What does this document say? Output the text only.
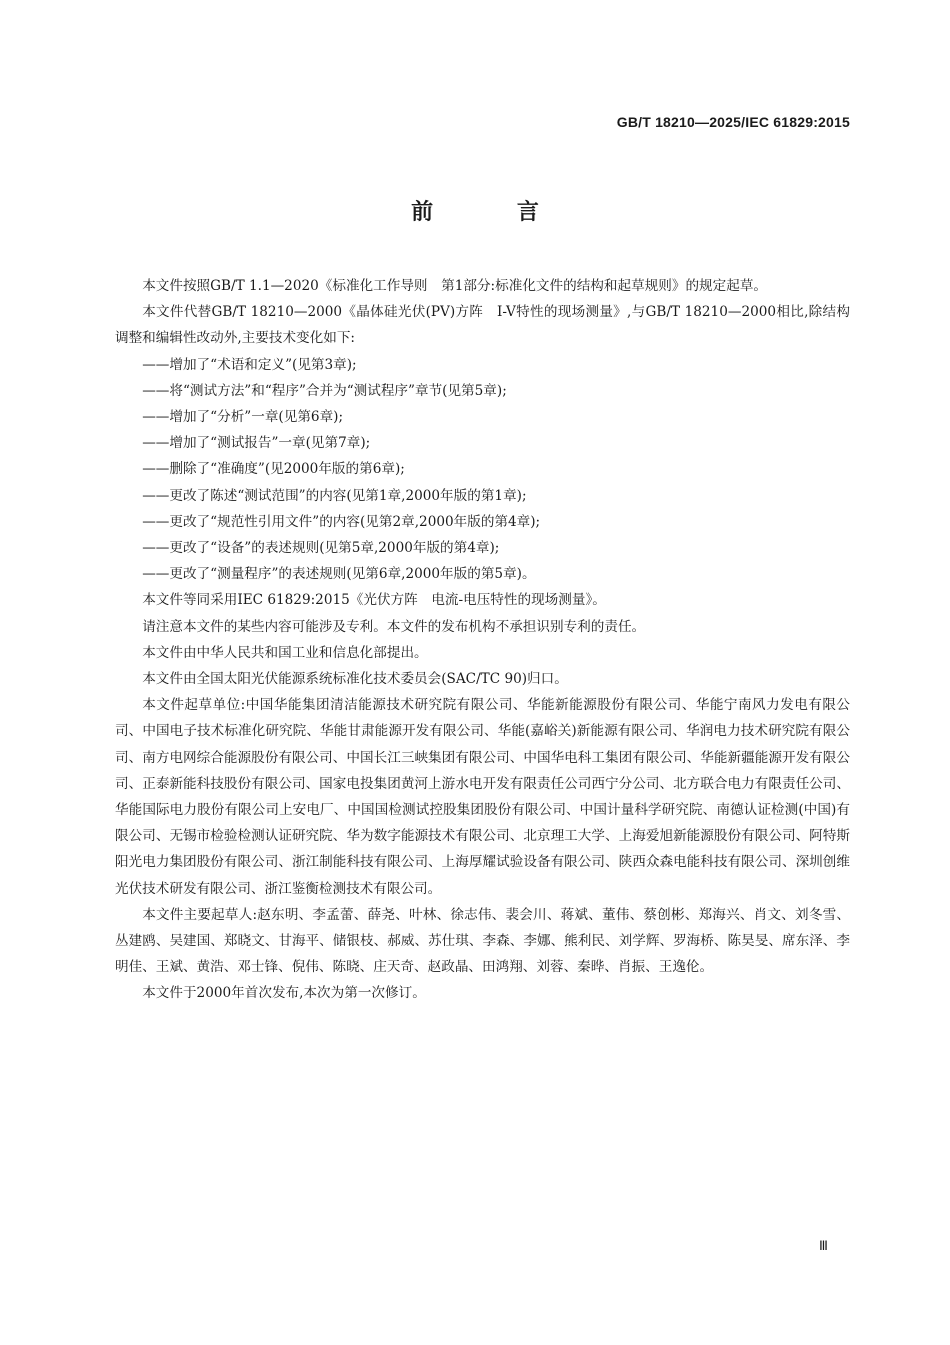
GB/T 18210—2025/IEC 61829:2015
前 言

本文件按照GB/T 1.1—2020《标准化工作导则　第1部分:标准化文件的结构和起草规则》的规定起草。

本文件代替GB/T 18210—2000《晶体硅光伏(PV)方阵　I-V特性的现场测量》,与GB/T 18210—2000相比,除结构调整和编辑性改动外,主要技术变化如下:

——增加了“术语和定义”(见第3章);

——将“测试方法”和“程序”合并为“测试程序”章节(见第5章);

——增加了“分析”一章(见第6章);

——增加了“测试报告”一章(见第7章);

——删除了“准确度”(见2000年版的第6章);

——更改了陈述“测试范围”的内容(见第1章,2000年版的第1章);

——更改了“规范性引用文件”的内容(见第2章,2000年版的第4章);

——更改了“设备”的表述规则(见第5章,2000年版的第4章);

——更改了“测量程序”的表述规则(见第6章,2000年版的第5章)。

本文件等同采用IEC 61829:2015《光伏方阵　电流-电压特性的现场测量》。

请注意本文件的某些内容可能涉及专利。本文件的发布机构不承担识别专利的责任。

本文件由中华人民共和国工业和信息化部提出。

本文件由全国太阳光伏能源系统标准化技术委员会(SAC/TC 90)归口。

本文件起草单位:中国华能集团清洁能源技术研究院有限公司、华能新能源股份有限公司、华能宁南风力发电有限公司、中国电子技术标准化研究院、华能甘肃能源开发有限公司、华能(嘉峪关)新能源有限公司、华润电力技术研究院有限公司、南方电网综合能源股份有限公司、中国长江三峡集团有限公司、中国华电科工集团有限公司、华能新疆能源开发有限公司、正泰新能科技股份有限公司、国家电投集团黄河上游水电开发有限责任公司西宁分公司、北方联合电力有限责任公司、华能国际电力股份有限公司上安电厂、中国国检测试控股集团股份有限公司、中国计量科学研究院、南德认证检测(中国)有限公司、无锡市检验检测认证研究院、华为数字能源技术有限公司、北京理工大学、上海爱旭新能源股份有限公司、阿特斯阳光电力集团股份有限公司、浙江制能科技有限公司、上海厚耀试验设备有限公司、陕西众森电能科技有限公司、深圳创维光伏技术研发有限公司、浙江鉴衡检测技术有限公司。

本文件主要起草人:赵东明、李孟蕾、薛尧、叶林、徐志伟、裴会川、蒋斌、董伟、蔡创彬、郑海兴、肖文、刘冬雪、丛建鸥、吴建国、郑晓文、甘海平、储银枝、郝威、苏仕琪、李森、李娜、熊利民、刘学辉、罗海桥、陈昊旻、席东泽、李明佳、王斌、黄浩、邓士锋、倪伟、陈晓、庄天奇、赵政晶、田鸿翔、刘蓉、秦晔、肖振、王逸伦。

本文件于2000年首次发布,本次为第一次修订。

Ⅲ
